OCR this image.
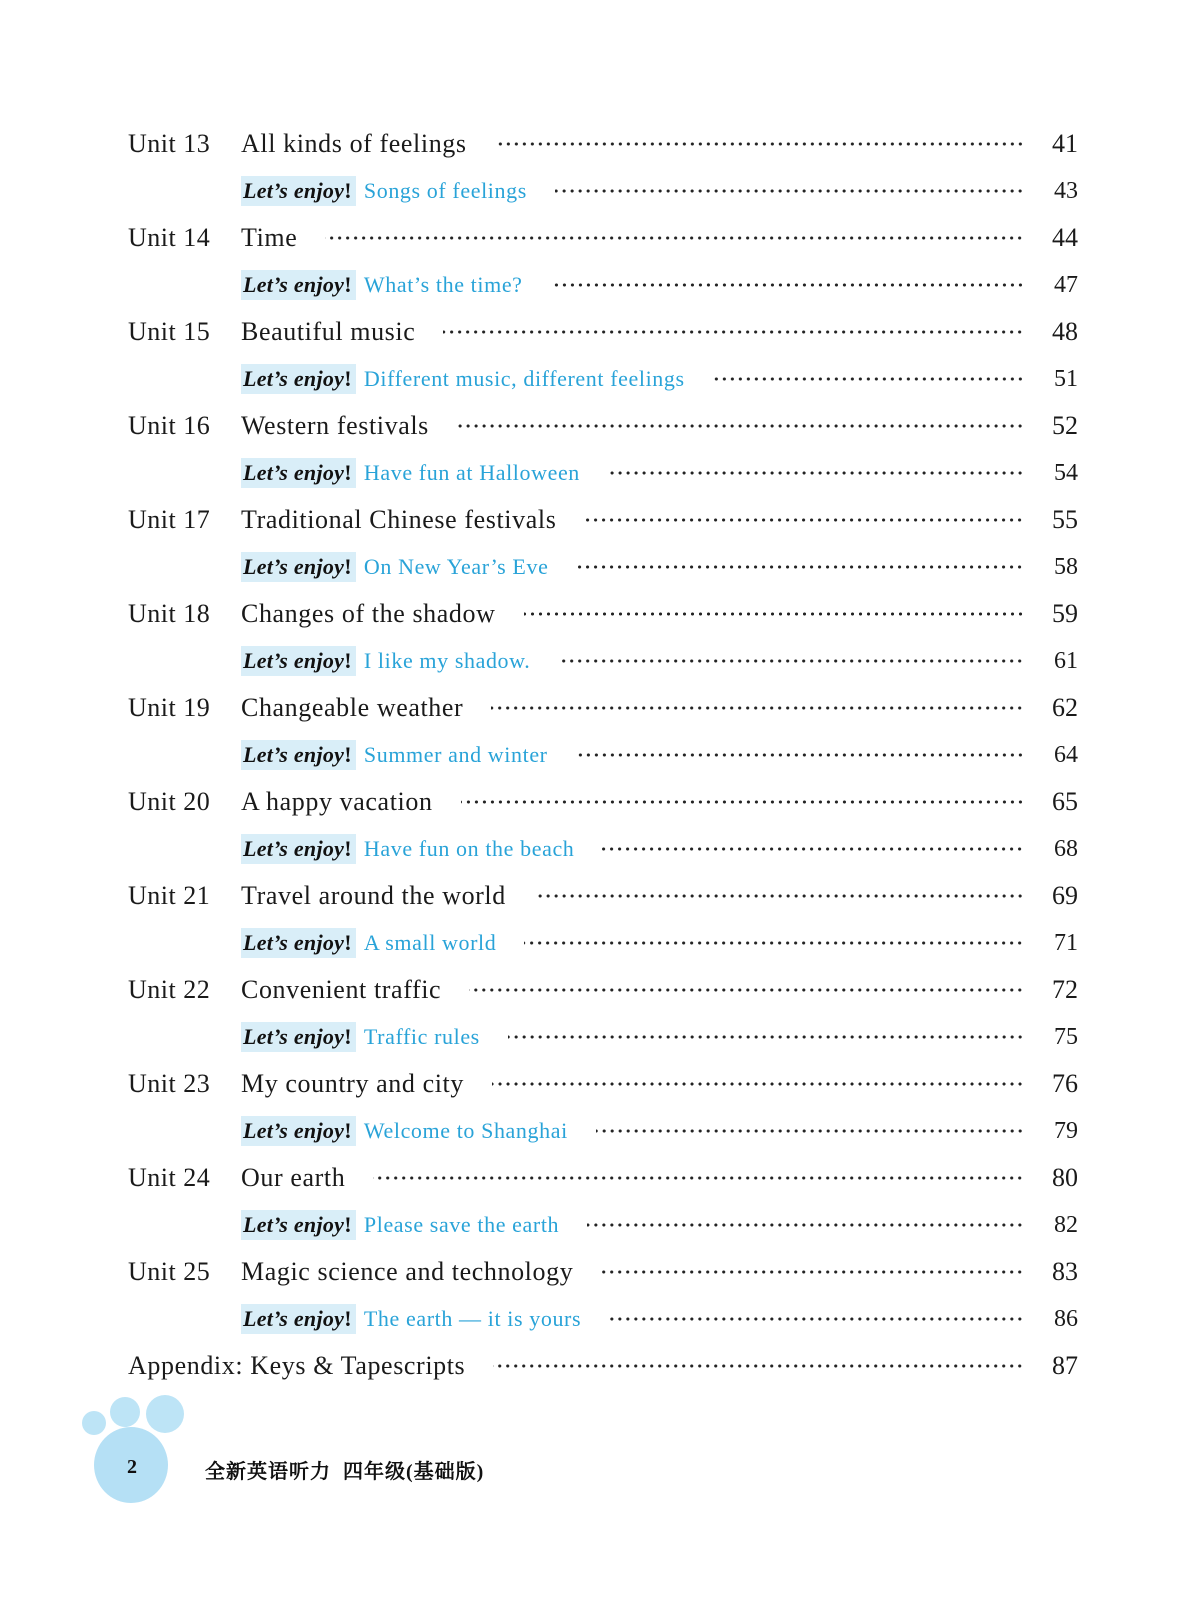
Unit 13	All kinds of feelings	41
Let’s enjoy! Songs of feelings	43
Unit 14	Time	44
Let’s enjoy! What’s the time?	47
Unit 15	Beautiful music	48
Let’s enjoy! Different music, different feelings	51
Unit 16	Western festivals	52
Let’s enjoy! Have fun at Halloween	54
Unit 17	Traditional Chinese festivals	55
Let’s enjoy! On New Year’s Eve	58
Unit 18	Changes of the shadow	59
Let’s enjoy! I like my shadow.	61
Unit 19	Changeable weather	62
Let’s enjoy! Summer and winter	64
Unit 20	A happy vacation	65
Let’s enjoy! Have fun on the beach	68
Unit 21	Travel around the world	69
Let’s enjoy! A small world	71
Unit 22	Convenient traffic	72
Let’s enjoy! Traffic rules	75
Unit 23	My country and city	76
Let’s enjoy! Welcome to Shanghai	79
Unit 24	Our earth	80
Let’s enjoy! Please save the earth	82
Unit 25	Magic science and technology	83
Let’s enjoy! The earth — it is yours	86
Appendix: Keys & Tapescripts	87
2	全新英语听力  四年级(基础版)
